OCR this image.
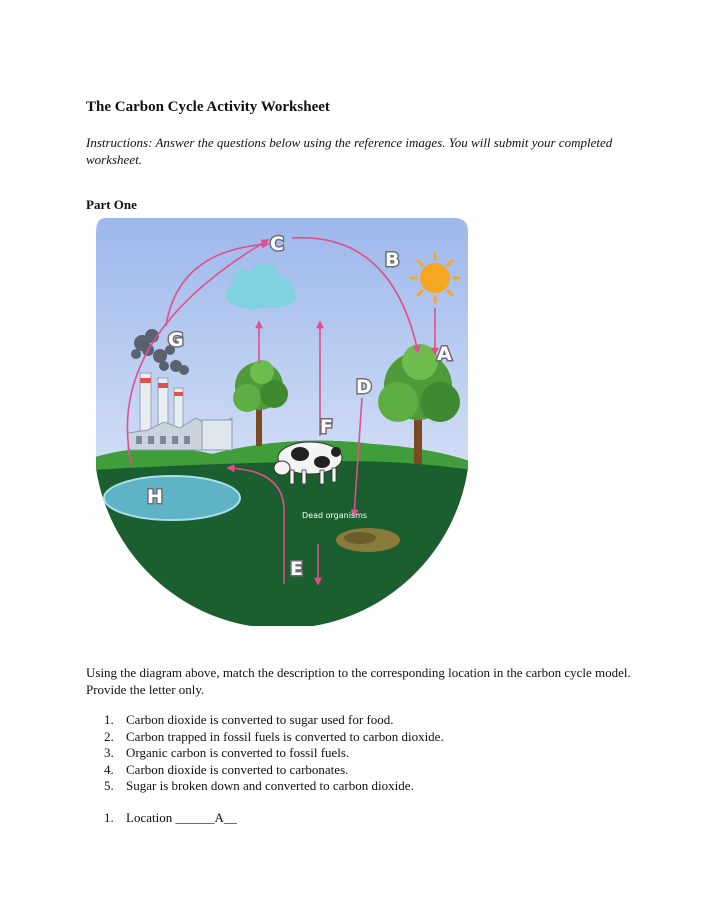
The Carbon Cycle Activity Worksheet
Instructions: Answer the questions below using the reference images. You will submit your completed worksheet.
Part One
C
B
G
A
D
F
H
E
Dead organisms
Using the diagram above, match the description to the corresponding location in the carbon cycle model. Provide the letter only.
1. Carbon dioxide is converted to sugar used for food.
2. Carbon trapped in fossil fuels is converted to carbon dioxide.
3. Organic carbon is converted to fossil fuels.
4. Carbon dioxide is converted to carbonates.
5. Sugar is broken down and converted to carbon dioxide.
1. Location ______A__
